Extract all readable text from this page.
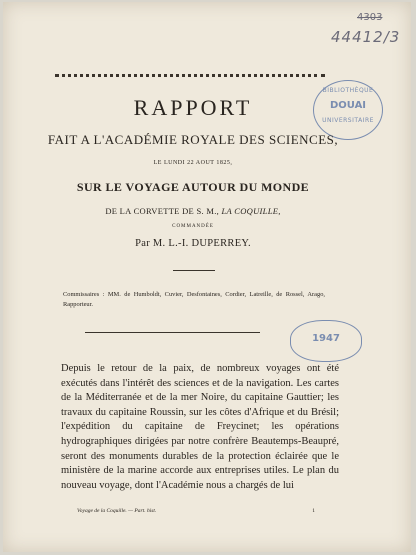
4303
44412/3
BIBLIOTHÈQUE
DOUAI
UNIVERSITAIRE
RAPPORT
FAIT A L'ACADÉMIE ROYALE DES SCIENCES,
LE LUNDI 22 AOUT 1825,
SUR LE VOYAGE AUTOUR DU MONDE
DE LA CORVETTE DE S. M., LA COQUILLE,
COMMANDÉE
Par M. L.-I. DUPERREY.
Commissaires : MM. de Humboldt, Cuvier, Desfontaines, Cordier, Latreille, de Rossel, Arago, Rapporteur.
1947

Depuis le retour de la paix, de nombreux voyages ont été exécutés dans l'intérêt des sciences et de la navigation. Les cartes de la Méditerranée et de la mer Noire, du capitaine Gauttier; les travaux du capitaine Roussin, sur les côtes d'Afrique et du Brésil; l'expédition du capitaine de Freycinet; les opérations hydrographiques dirigées par notre confrère Beautemps-Beaupré, seront des monuments durables de la protection éclairée que le ministère de la marine accorde aux entreprises utiles. Le plan du nouveau voyage, dont l'Académie nous a chargés de lui

Voyage de la Coquille. — Part. hist.	1
